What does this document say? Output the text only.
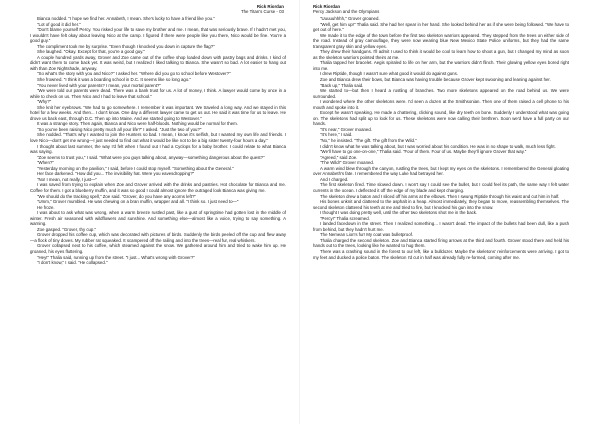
Rick Riordan
The Titan's Curse - 03

Bianca nodded. "I hope we find her. Annabeth, I mean. She's lucky to have a friend like you."

"Lot of good it did her."

"Don't blame yourself Percy. You risked your life to save my brother and me. I mean, that was seriously brave. If I hadn't met you, I wouldn't have felt okay about leaving Nico at the camp. I figured if there were people like you there, Nico would be fine. You're a good guy."

The compliment took me by surprise. "Even though I knocked you down in capture the flag?"

She laughed. "Okay. Except for that, you're a good guy."

A couple hundred yards away, Grover and Zoe came out of the coffee shop loaded down with pastry bags and drinks. I kind of didn't want them to come back yet. It was weird, but I realized I liked talking to Bianca. She wasn't so bad. A lot easier to hang out with than Zoe Nightshade, anyway.

"So what's the story with you and Nico?" I asked her. "Where did you go to school before Westover?"

She frowned. "I think it was a boarding school in D.C. It seems like so long ago."

"You never lived with your parents? I mean, your mortal parent?"

"We were told our parents were dead. There was a bank trust for us. A lot of money, I think. A lawyer would come by once in a while to check on us. Then Nico and I had to leave that school."

"Why?"

She knit her eyebrows. "We had to go somewhere. I remember it was important. We traveled a long way. And we stayed in this hotel for a few weeks. And then... I don't know. One day a different lawyer came to get us out. He said it was time for us to leave. He drove us back east, through D.C. Then up into Maine. And we started going to Westover."

It was a strange story. Then again, Bianca and Nico were half-bloods. Nothing would be normal for them.

"So you've been raising Nico pretty much all your life?" I asked. "Just the two of you?"

She nodded. "That's why I wanted to join the Hunters so bad. I mean, I know it's selfish, but I wanted my own life and friends. I love Nico—don't get me wrong—I just needed to find out what it would be like not to be a big sister twenty-four hours a day."

I thought about last summer, the way I'd felt when I found out I had a Cyclops for a baby brother. I could relate to what Bianca was saying.

"Zoe seems to trust you," I said. "What were you guys talking about, anyway—something dangerous about the quest?"

"When?"

"Yesterday morning on the pavilion," I said, before I could stop myself. "Something about the General."

Her face darkened. "How did you... The invisibility hat. Were you eavesdropping?"

"No! I mean, not really, I just—"

I was saved from trying to explain when Zoe and Grover arrived with the drinks and pastries. Hot chocolate for Bianca and me. Coffee for them. I got a blueberry muffin, and it was so good I could almost ignore the outraged look Bianca was giving me.

"We should do the tracking spell," Zoe said. "Grover, do you have any acorns left?"

"Umm," Grover mumbled. He was chewing on a bran muffin, wrapper and all. "I think so. I just need to—"

He froze.

I was about to ask what was wrong, when a warm breeze rustled past, like a gust of springtime had gotten lost in the middle of winter. Fresh air seasoned with wildflowers and sunshine. And something else—almost like a voice, trying to say something. A warning.

Zoe gasped. "Grover, thy cup."

Grover dropped his coffee cup, which was decorated with pictures of birds. Suddenly the birds peeled off the cup and flew away—a flock of tiny doves. My rubber rat squeaked. It scampered off the railing and into the trees—real fur, real whiskers.

Grover collapsed next to his coffee, which steamed against the snow. We gathered around him and tried to wake him up. He groaned, his eyes fluttering.

"Hey!" Thalia said, running up from the street. "I just... What's wrong with Grover?"

"I don't know," I said. "He collapsed."

Rick Riordan
Percy Jackson and the Olympians

"Uuuuuhhhh," Grover groaned.

"Well, get him up!" Thalia said. She had her spear in her hand. She looked behind her as if she were being followed. "We have to get out of here."

We made it to the edge of the town before the first two skeleton warriors appeared. They stepped from the trees on either side of the road. Instead of gray camouflage, they were now wearing blue New Mexico State Police uniforms, but they had the same transparent gray skin and yellow eyes.

They drew their handguns. I'll admit I used to think it would be cool to learn how to shoot a gun, but I changed my mind as soon as the skeleton warriors pointed theirs at me.

Thalia tapped her bracelet. Aegis spiraled to life on her arm, but the warriors didn't flinch. Their glowing yellow eyes bored right into me.

I drew Riptide, though I wasn't sure what good it would do against guns.

Zoe and Bianca drew their bows, but Bianca was having trouble because Grover kept swooning and leaning against her.

"Back up," Thalia said.

We started to—but then I heard a rustling of branches. Two more skeletons appeared on the road behind us. We were surrounded.

I wondered where the other skeletons were. I'd seen a dozen at the Smithsonian. Then one of them raised a cell phone to his mouth and spoke into it.

Except he wasn't speaking. He made a chattering, clicking sound, like dry teeth on bone. Suddenly I understood what was going on. The skeletons had split up to look for us. These skeletons were now calling their brethren. Soon we'd have a full party on our hands.

"It's near," Grover moaned.

"It's here," I said.

"No," he insisted. "The gift. The gift from the Wild."

I didn't know what he was talking about, but I was worried about his condition. He was in no shape to walk, much less fight.

"We'll have to go one-on-one," Thalia said. "Four of them. Four of us. Maybe they'll ignore Grover that way."

"Agreed," said Zoe.

"The Wild!" Grover moaned.

A warm wind blew through the canyon, rustling the trees, but I kept my eyes on the skeletons. I remembered the General gloating over Annabeth's fate. I remembered the way Luke had betrayed her.

And I charged.

The first skeleton fired. Time slowed down. I won't say I could see the bullet, but I could feel its path, the same way I felt water currents in the ocean. I deflected it off the edge of my blade and kept charging.

The skeleton drew a baton and I sliced off his arms at the elbows. Then I swung Riptide through his waist and cut him in half.

His bones unknit and clattered to the asphalt in a heap. Almost immediately, they began to move, reassembling themselves. The second skeleton clattered his teeth at me and tried to fire, but I knocked his gun into the snow.

I thought I was doing pretty well, until the other two skeletons shot me in the back.

"Percy!" Thalia screamed.

I landed facedown in the street. Then I realized something... I wasn't dead. The impact of the bullets had been dull, like a push from behind, but they hadn't hurt me.

The Nemean Lion's fur! My coat was bulletproof.

Thalia charged the second skeleton. Zoe and Bianca started firing arrows at the third and fourth. Grover stood there and held his hands out to the trees, looking like he wanted to hug them.

There was a crashing sound in the forest to our left, like a bulldozer. Maybe the skeletons' reinforcements were arriving. I got to my feet and ducked a police baton. The skeleton I'd cut in half was already fully re-formed, coming after me.
